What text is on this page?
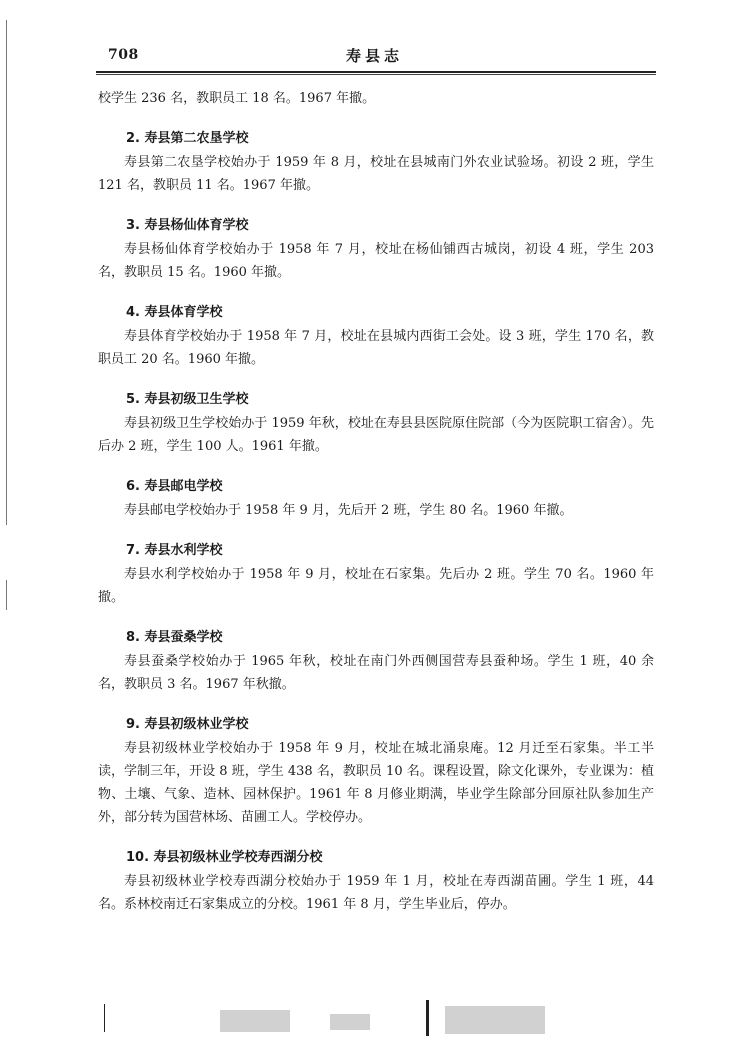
708	寿县志

校学生 236 名，教职员工 18 名。1967 年撤。

2. 寿县第二农垦学校

寿县第二农垦学校始办于 1959 年 8 月，校址在县城南门外农业试验场。初设 2 班，学生 121 名，教职员 11 名。1967 年撤。

3. 寿县杨仙体育学校

寿县杨仙体育学校始办于 1958 年 7 月，校址在杨仙铺西古城岗，初设 4 班，学生 203 名，教职员 15 名。1960 年撤。

4. 寿县体育学校

寿县体育学校始办于 1958 年 7 月，校址在县城内西街工会处。设 3 班，学生 170 名，教职员工 20 名。1960 年撤。

5. 寿县初级卫生学校

寿县初级卫生学校始办于 1959 年秋，校址在寿县县医院原住院部（今为医院职工宿舍）。先后办 2 班，学生 100 人。1961 年撤。

6. 寿县邮电学校

寿县邮电学校始办于 1958 年 9 月，先后开 2 班，学生 80 名。1960 年撤。

7. 寿县水利学校

寿县水利学校始办于 1958 年 9 月，校址在石家集。先后办 2 班。学生 70 名。1960 年撤。

8. 寿县蚕桑学校

寿县蚕桑学校始办于 1965 年秋，校址在南门外西侧国营寿县蚕种场。学生 1 班，40 余名，教职员 3 名。1967 年秋撤。

9. 寿县初级林业学校

寿县初级林业学校始办于 1958 年 9 月，校址在城北涌泉庵。12 月迁至石家集。半工半读，学制三年，开设 8 班，学生 438 名，教职员 10 名。课程设置，除文化课外，专业课为：植物、土壤、气象、造林、园林保护。1961 年 8 月修业期满，毕业学生除部分回原社队参加生产外，部分转为国营林场、苗圃工人。学校停办。

10. 寿县初级林业学校寿西湖分校

寿县初级林业学校寿西湖分校始办于 1959 年 1 月，校址在寿西湖苗圃。学生 1 班，44 名。系林校南迁石家集成立的分校。1961 年 8 月，学生毕业后，停办。
